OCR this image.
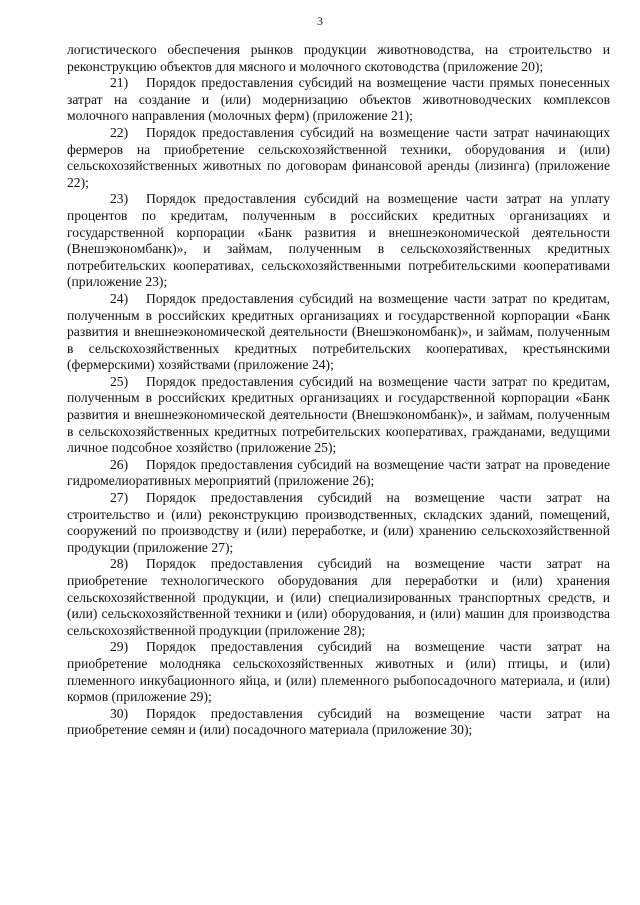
3

логистического обеспечения рынков продукции животноводства, на строительство и реконструкцию объектов для мясного и молочного скотоводства (приложение 20);

21) Порядок предоставления субсидий на возмещение части прямых понесенных затрат на создание и (или) модернизацию объектов животноводческих комплексов молочного направления (молочных ферм) (приложение 21);

22) Порядок предоставления субсидий на возмещение части затрат начинающих фермеров на приобретение сельскохозяйственной техники, оборудования и (или) сельскохозяйственных животных по договорам финансовой аренды (лизинга) (приложение 22);

23) Порядок предоставления субсидий на возмещение части затрат на уплату процентов по кредитам, полученным в российских кредитных организациях и государственной корпорации «Банк развития и внешнеэкономической деятельности (Внешэкономбанк)», и займам, полученным в сельскохозяйственных кредитных потребительских кооперативах, сельскохозяйственными потребительскими кооперативами (приложение 23);

24) Порядок предоставления субсидий на возмещение части затрат по кредитам, полученным в российских кредитных организациях и государственной корпорации «Банк развития и внешнеэкономической деятельности (Внешэкономбанк)», и займам, полученным в сельскохозяйственных кредитных потребительских кооперативах, крестьянскими (фермерскими) хозяйствами (приложение 24);

25) Порядок предоставления субсидий на возмещение части затрат по кредитам, полученным в российских кредитных организациях и государственной корпорации «Банк развития и внешнеэкономической деятельности (Внешэкономбанк)», и займам, полученным в сельскохозяйственных кредитных потребительских кооперативах, гражданами, ведущими личное подсобное хозяйство (приложение 25);

26) Порядок предоставления субсидий на возмещение части затрат на проведение гидромелиоративных мероприятий (приложение 26);

27) Порядок предоставления субсидий на возмещение части затрат на строительство и (или) реконструкцию производственных, складских зданий, помещений, сооружений по производству и (или) переработке, и (или) хранению сельскохозяйственной продукции (приложение 27);

28) Порядок предоставления субсидий на возмещение части затрат на приобретение технологического оборудования для переработки и (или) хранения сельскохозяйственной продукции, и (или) специализированных транспортных средств, и (или) сельскохозяйственной техники и (или) оборудования, и (или) машин для производства сельскохозяйственной продукции (приложение 28);

29) Порядок предоставления субсидий на возмещение части затрат на приобретение молодняка сельскохозяйственных животных и (или) птицы, и (или) племенного инкубационного яйца, и (или) племенного рыбопосадочного материала, и (или) кормов (приложение 29);

30) Порядок предоставления субсидий на возмещение части затрат на приобретение семян и (или) посадочного материала (приложение 30);
